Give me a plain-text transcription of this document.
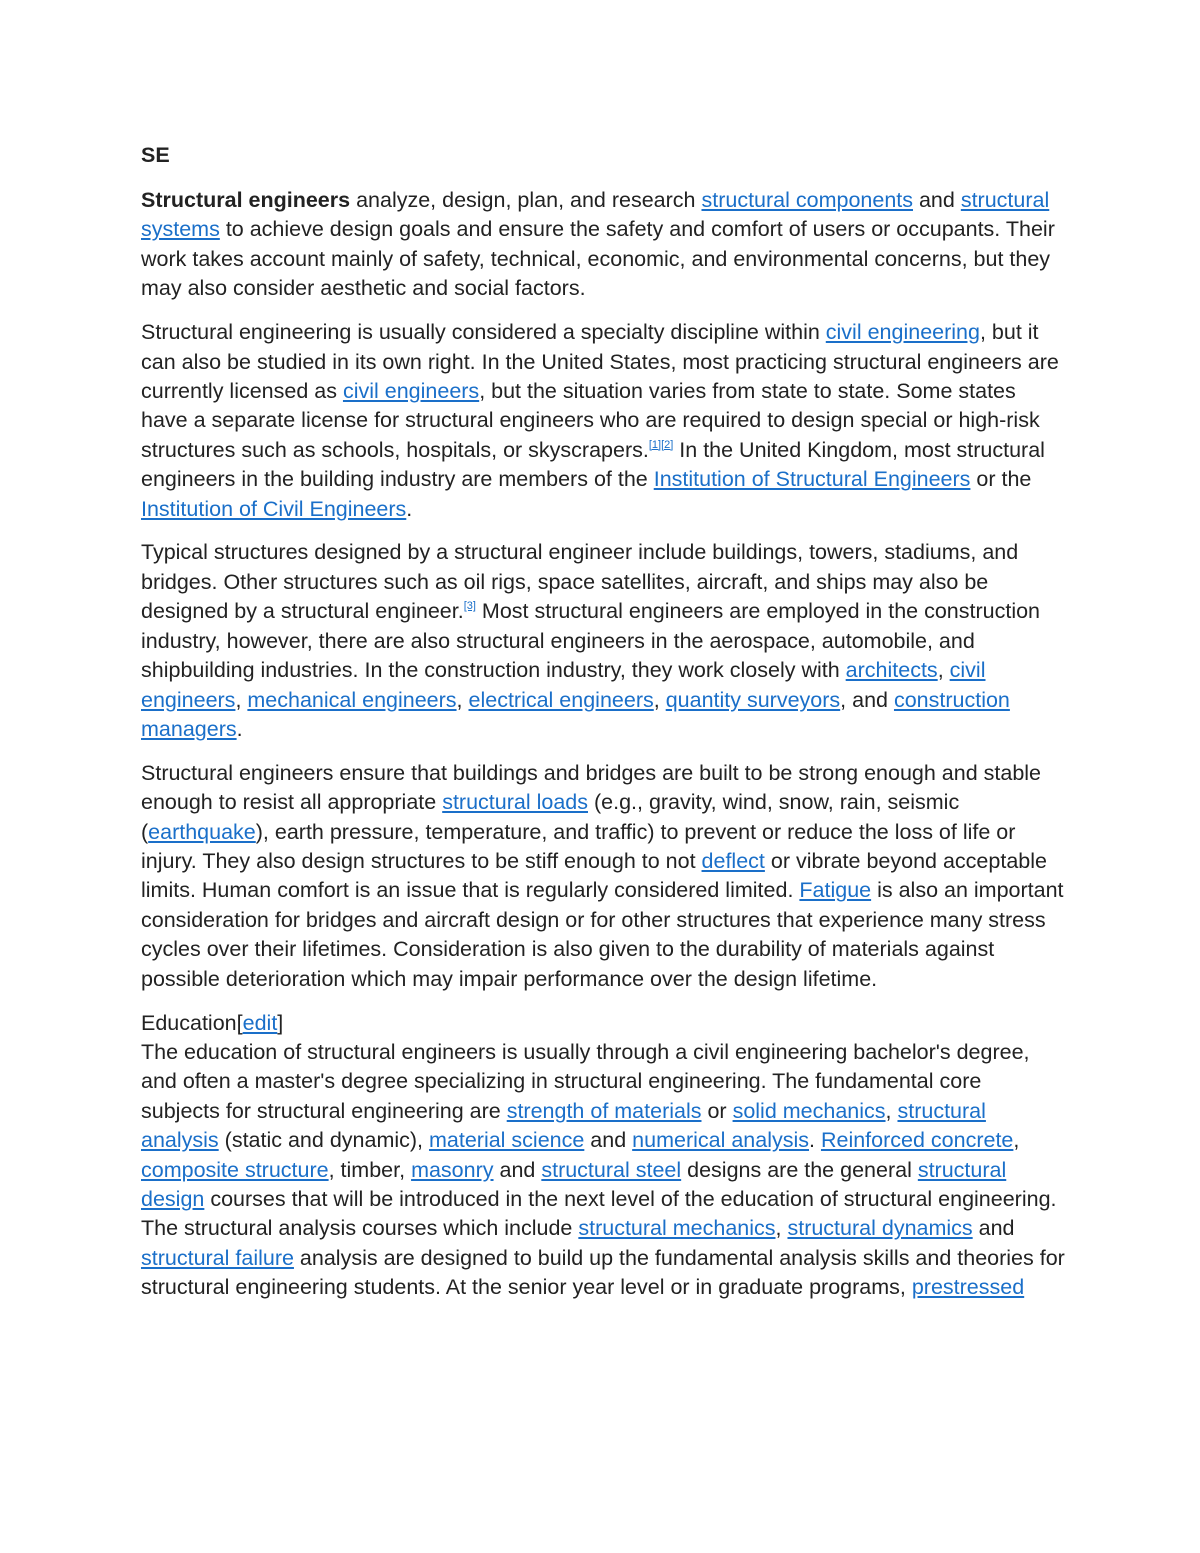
SE

Structural engineers analyze, design, plan, and research structural components and structural systems to achieve design goals and ensure the safety and comfort of users or occupants. Their work takes account mainly of safety, technical, economic, and environmental concerns, but they may also consider aesthetic and social factors.

Structural engineering is usually considered a specialty discipline within civil engineering, but it can also be studied in its own right. In the United States, most practicing structural engineers are currently licensed as civil engineers, but the situation varies from state to state. Some states have a separate license for structural engineers who are required to design special or high-risk structures such as schools, hospitals, or skyscrapers.[1][2] In the United Kingdom, most structural engineers in the building industry are members of the Institution of Structural Engineers or the Institution of Civil Engineers.

Typical structures designed by a structural engineer include buildings, towers, stadiums, and bridges. Other structures such as oil rigs, space satellites, aircraft, and ships may also be designed by a structural engineer.[3] Most structural engineers are employed in the construction industry, however, there are also structural engineers in the aerospace, automobile, and shipbuilding industries. In the construction industry, they work closely with architects, civil engineers, mechanical engineers, electrical engineers, quantity surveyors, and construction managers.

Structural engineers ensure that buildings and bridges are built to be strong enough and stable enough to resist all appropriate structural loads (e.g., gravity, wind, snow, rain, seismic (earthquake), earth pressure, temperature, and traffic) to prevent or reduce the loss of life or injury. They also design structures to be stiff enough to not deflect or vibrate beyond acceptable limits. Human comfort is an issue that is regularly considered limited. Fatigue is also an important consideration for bridges and aircraft design or for other structures that experience many stress cycles over their lifetimes. Consideration is also given to the durability of materials against possible deterioration which may impair performance over the design lifetime.

Education[edit]
The education of structural engineers is usually through a civil engineering bachelor's degree, and often a master's degree specializing in structural engineering. The fundamental core subjects for structural engineering are strength of materials or solid mechanics, structural analysis (static and dynamic), material science and numerical analysis. Reinforced concrete, composite structure, timber, masonry and structural steel designs are the general structural design courses that will be introduced in the next level of the education of structural engineering. The structural analysis courses which include structural mechanics, structural dynamics and structural failure analysis are designed to build up the fundamental analysis skills and theories for structural engineering students. At the senior year level or in graduate programs, prestressed
